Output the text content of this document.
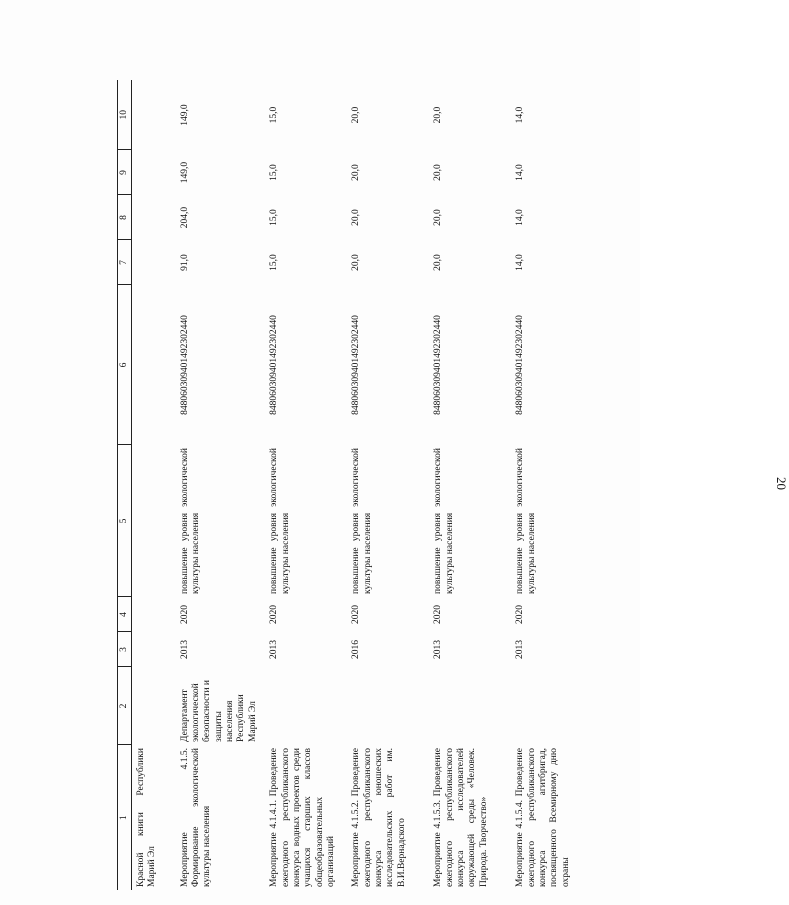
1	2	3	4	5	6	7	8	9	10
Красной книги Республики Марий Эл									
Мероприятие 4.1.5. Формирование экологической культуры населения	Департамент экологической безопасности и защиты населения Республики Марий Эл	2013	2020	повышение уровня экологической культуры населения	848060309401492302440	91,0	204,0	149,0	149,0
Мероприятие 4.1.4.1. Проведение ежегодного республиканского конкурса водных проектов среди учащихся старших классов общеобразовательных организаций		2013	2020	повышение уровня экологической культуры населения	848060309401492302440	15,0	15,0	15,0	15,0
Мероприятие 4.1.5.2. Проведение ежегодного республиканского конкурса юношеских исследовательских работ им. В.И.Вернадского		2016	2020	повышение уровня экологической культуры населения	848060309401492302440	20,0	20,0	20,0	20,0
Мероприятие 4.1.5.3. Проведение ежегодного республиканского конкурса исследователей окружающей среды «Человек. Природа. Творчество»		2013	2020	повышение уровня экологической культуры населения	848060309401492302440	20,0	20,0	20,0	20,0
Мероприятие 4.1.5.4. Проведение ежегодного республиканского конкурса агитбригад, посвященного Всемирному дню охраны		2013	2020	повышение уровня экологической культуры населения	848060309401492302440	14,0	14,0	14,0	14,0
20
